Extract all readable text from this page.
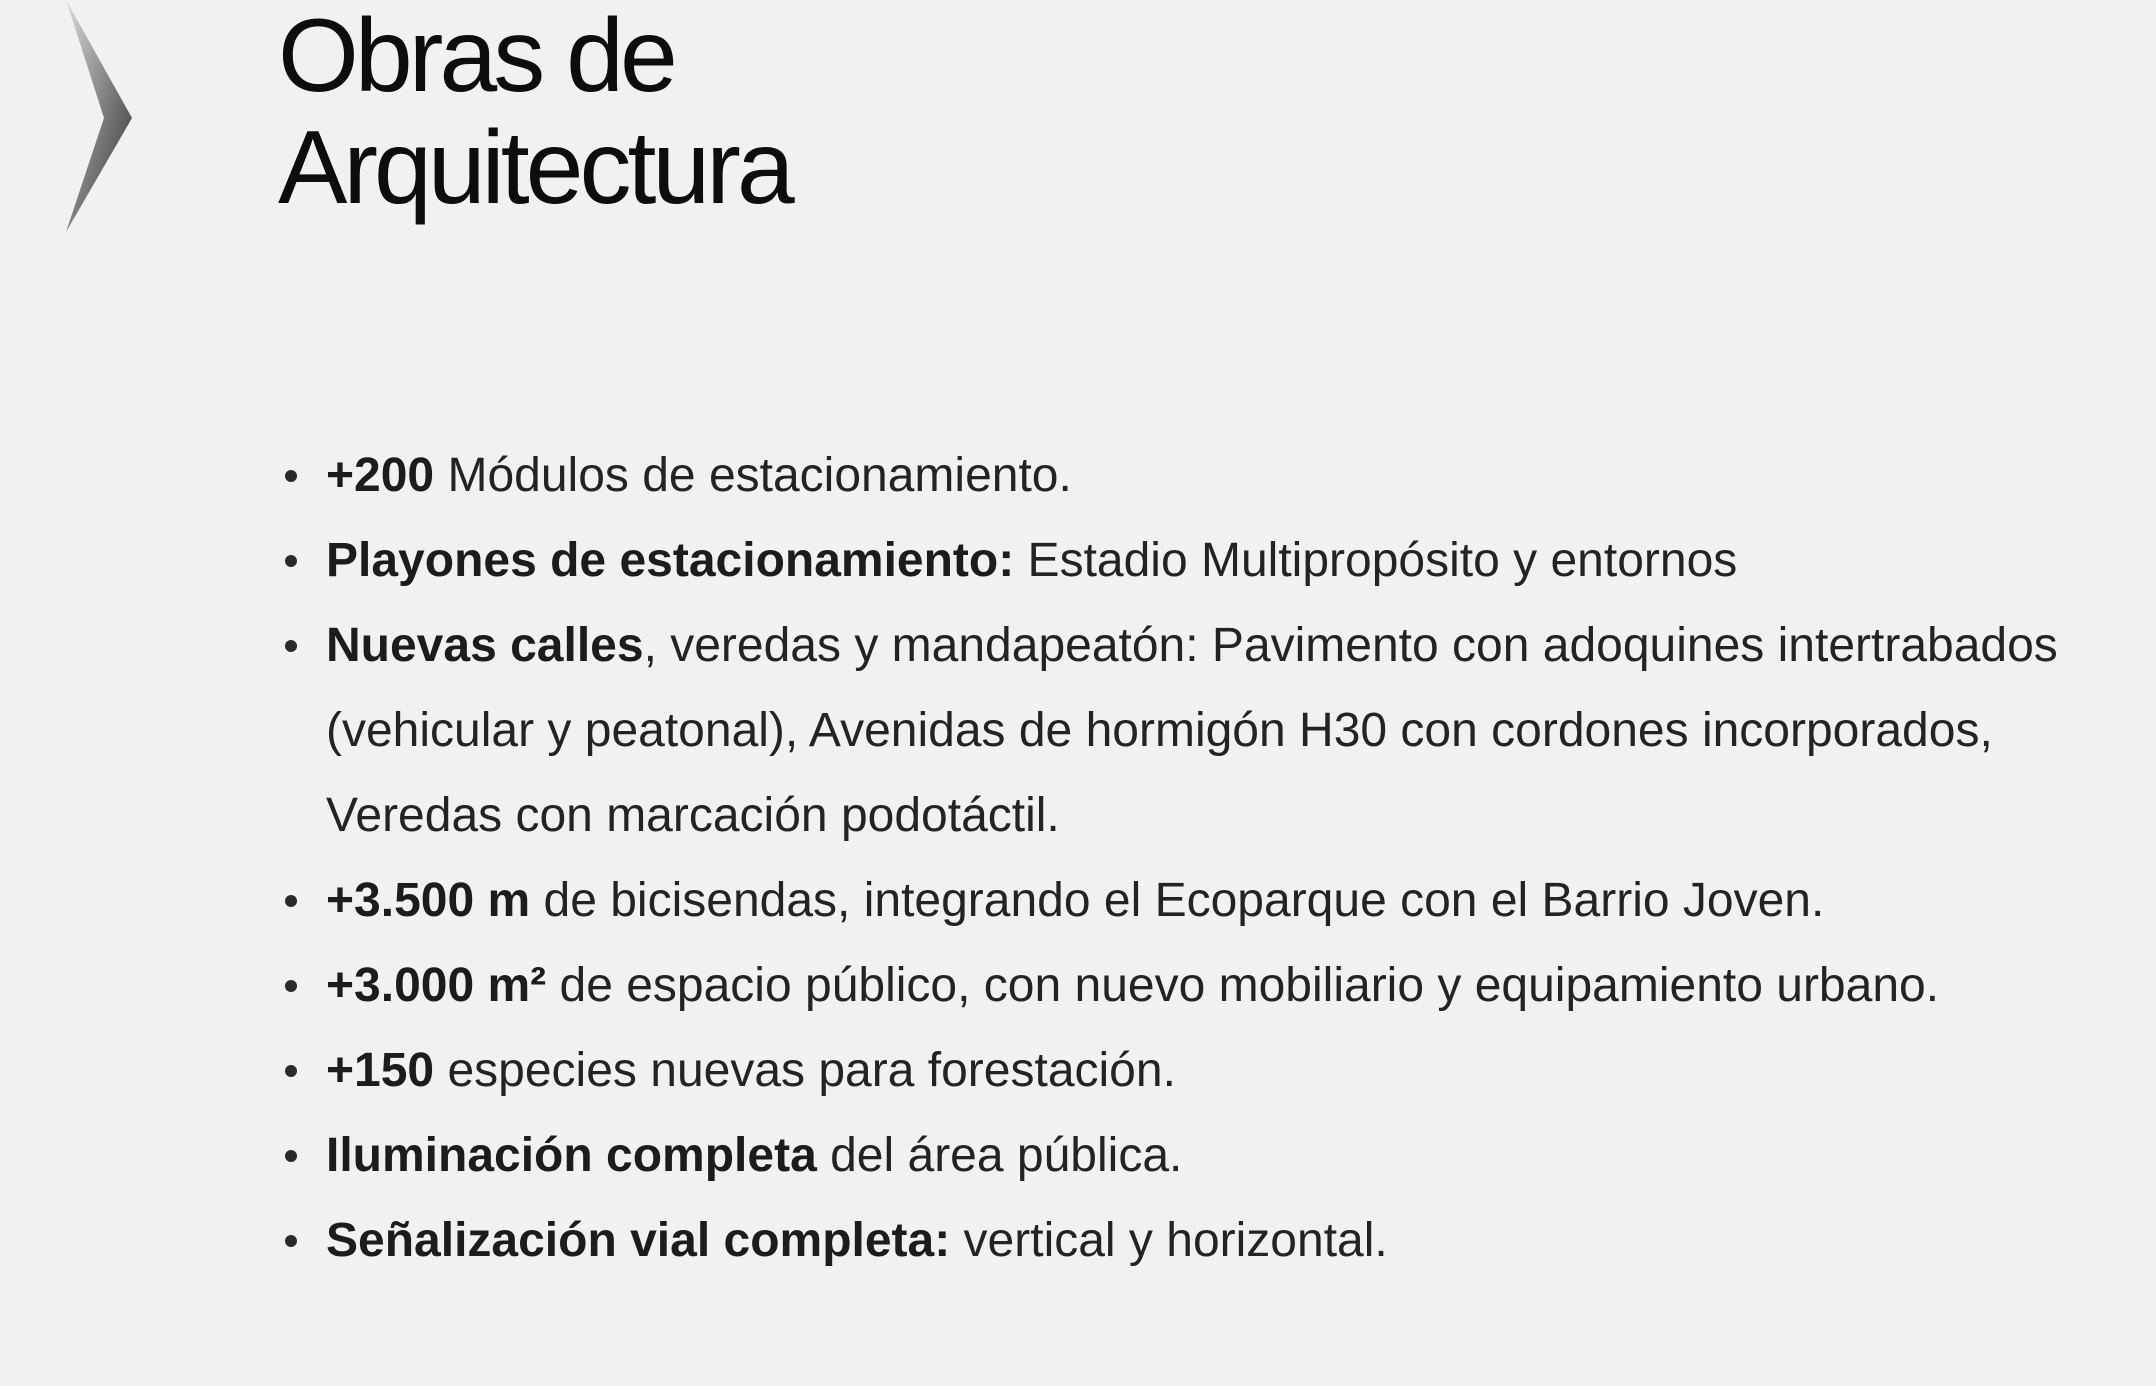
Obras de
Arquitectura
+200 Módulos de estacionamiento.
Playones de estacionamiento: Estadio Multipropósito y entornos
Nuevas calles, veredas y mandapeatón: Pavimento con adoquines intertrabados (vehicular y peatonal), Avenidas de hormigón H30 con cordones incorporados, Veredas con marcación podotáctil.
+3.500 m de bicisendas, integrando el Ecoparque con el Barrio Joven.
+3.000 m² de espacio público, con nuevo mobiliario y equipamiento urbano.
+150 especies nuevas para forestación.
Iluminación completa del área pública.
Señalización vial completa: vertical y horizontal.
